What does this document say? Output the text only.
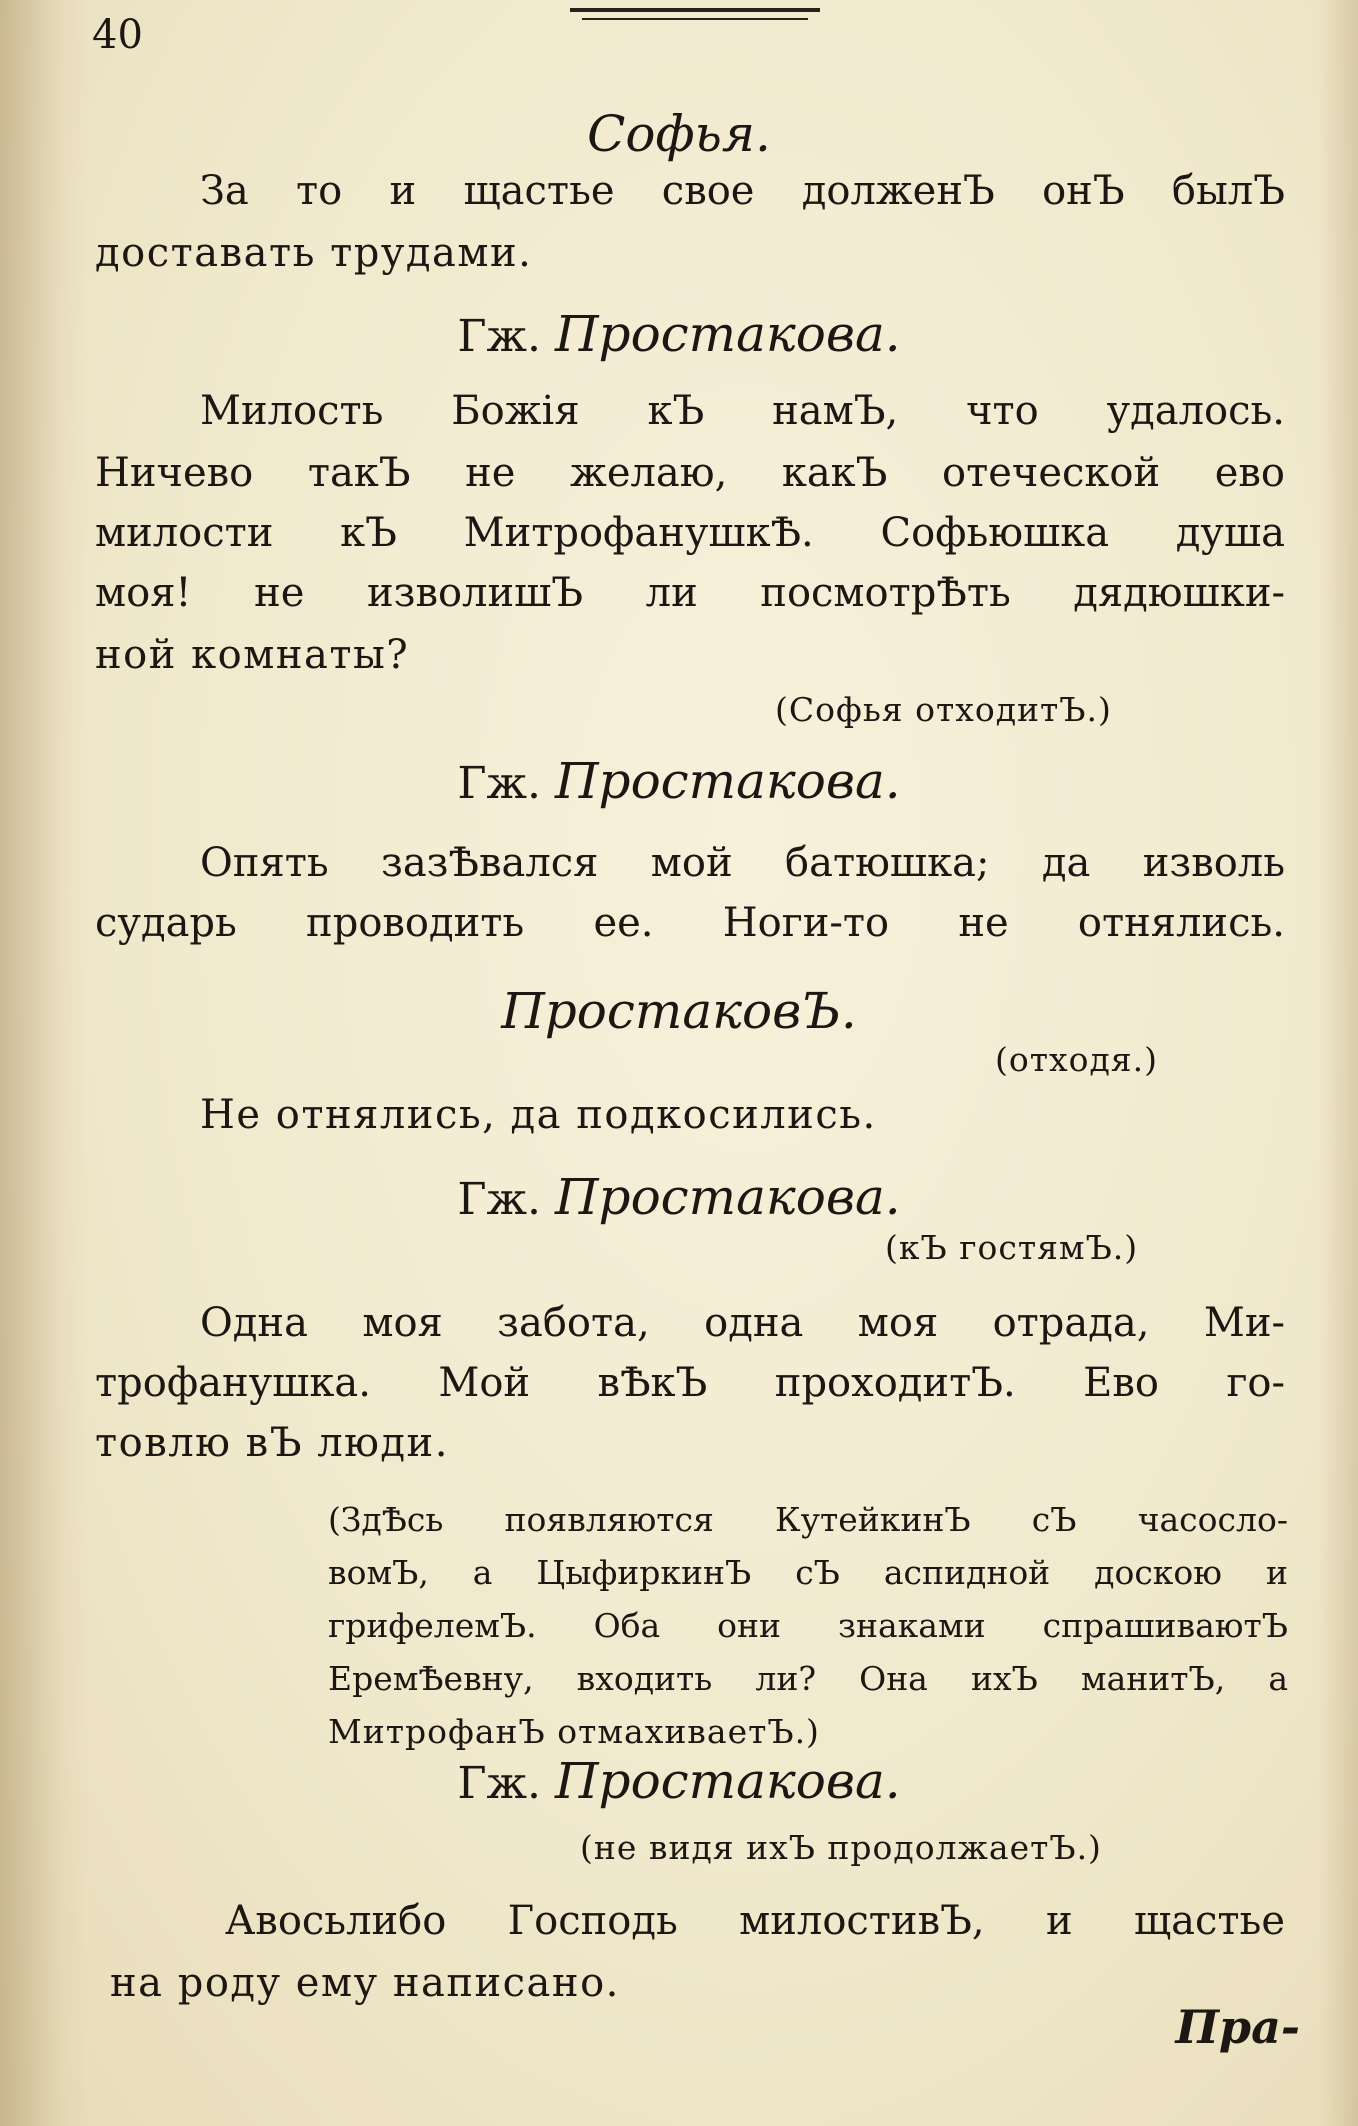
40
Софья.
За то и щастье свое долженЪ онЪ былЪ
доставать трудами.
Гж. Простакова.
Милость Божія кЪ намЪ, что удалось.
Ничево такЪ не желаю, какЪ отеческой ево
милости кЪ МитрофанушкѢ. Софьюшка душа
моя! не изволишЪ ли посмотрѢть дядюшки-
ной комнаты?
(Софья отходитЪ.)
Гж. Простакова.
Опять зазѢвался мой батюшка; да изволь
сударь проводить ее. Ноги-то не отнялись.
ПростаковЪ.
(отходя.)
Не отнялись, да подкосились.
Гж. Простакова.
(кЪ гостямЪ.)
Одна моя забота, одна моя отрада, Ми-
трофанушка. Мой вѢкЪ проходитЪ. Ево го-
товлю вЪ люди.
(ЗдѢсь появляются КутейкинЪ сЪ часосло-
вомЪ, а ЦыфиркинЪ сЪ аспидной доскою и
грифелемЪ. Оба они знаками спрашиваютЪ
ЕремѢевну, входить ли? Она ихЪ манитЪ, а
МитрофанЪ отмахиваетЪ.)
Гж. Простакова.
(не видя ихЪ продолжаетЪ.)
Авосьлибо Господь милостивЪ, и щастье
на роду ему написано.
Пра-
